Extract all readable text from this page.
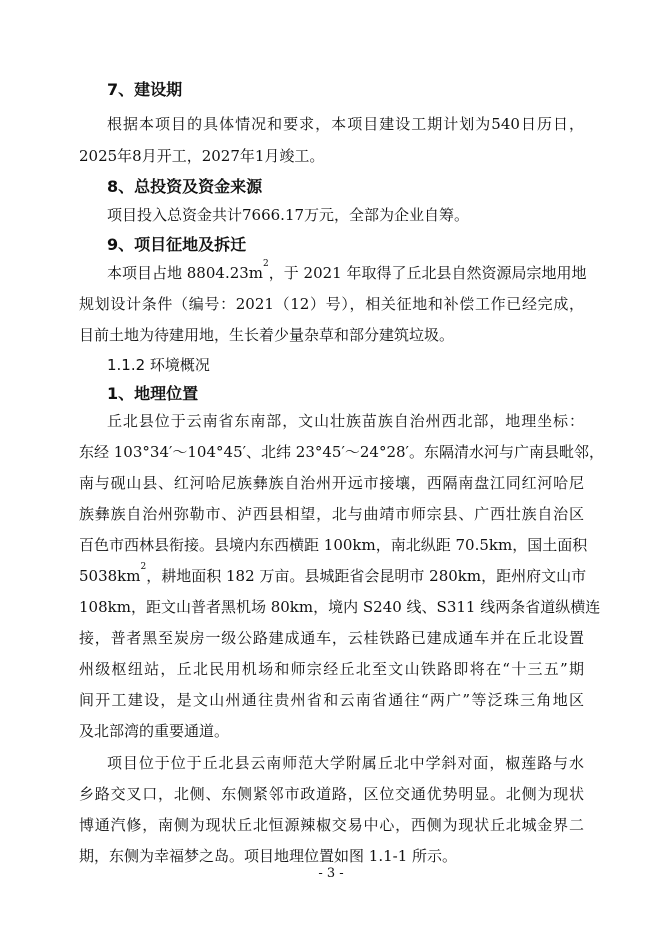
7、建设期
根据本项目的具体情况和要求，本项目建设工期计划为540日历日，
2025年8月开工，2027年1月竣工。
8、总投资及资金来源
项目投入总资金共计7666.17万元，全部为企业自筹。
9、项目征地及拆迁
本项目占地 $8804.23m^2$，于 2021 年取得了丘北县自然资源局宗地用地
规划设计条件（编号：2021（12）号），相关征地和补偿工作已经完成，
目前土地为待建用地，生长着少量杂草和部分建筑垃圾。
1.1.2 环境概况
1、地理位置
丘北县位于云南省东南部，文山壮族苗族自治州西北部，地理坐标：
东经 103°34′～104°45′、北纬 23°45′～24°28′。东隔清水河与广南县毗邻，
南与砚山县、红河哈尼族彝族自治州开远市接壤，西隔南盘江同红河哈尼
族彝族自治州弥勒市、泸西县相望，北与曲靖市师宗县、广西壮族自治区
百色市西林县衔接。县境内东西横距 100km，南北纵距 70.5km，国土面积
$5038km^2$，耕地面积 182 万亩。县城距省会昆明市 280km，距州府文山市
108km，距文山普者黑机场 80km，境内 S240 线、S311 线两条省道纵横连
接，普者黑至炭房一级公路建成通车，云桂铁路已建成通车并在丘北设置
州级枢纽站，丘北民用机场和师宗经丘北至文山铁路即将在“十三五”期
间开工建设，是文山州通往贵州省和云南省通往“两广”等泛珠三角地区
及北部湾的重要通道。
项目位于位于丘北县云南师范大学附属丘北中学斜对面，椒莲路与水
乡路交叉口，北侧、东侧紧邻市政道路，区位交通优势明显。北侧为现状
博通汽修，南侧为现状丘北恒源辣椒交易中心，西侧为现状丘北城金界二
期，东侧为幸福梦之岛。项目地理位置如图 1.1-1 所示。
- 3 -
